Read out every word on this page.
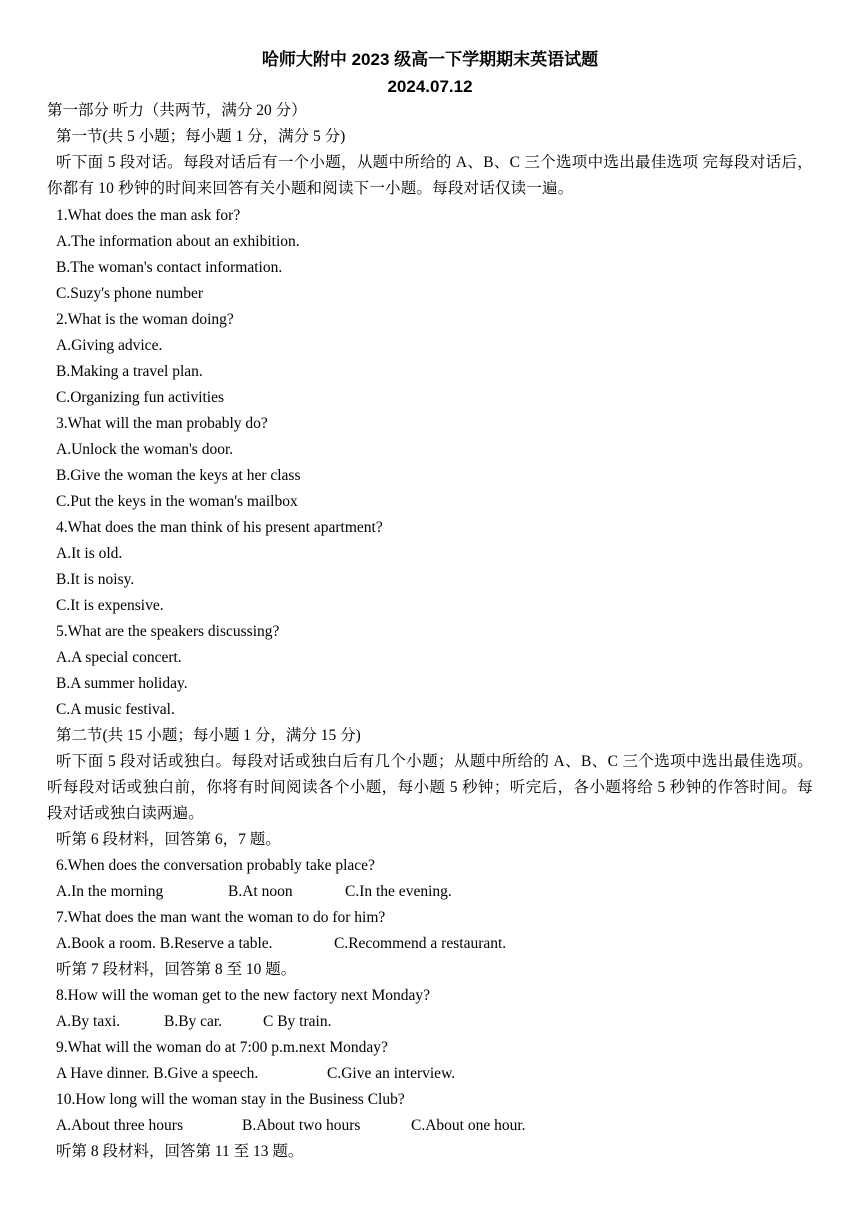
哈师大附中 2023 级高一下学期期末英语试题
2024.07.12
第一部分 听力（共两节，满分 20 分）
第一节(共 5 小题；每小题 1 分，满分 5 分)
听下面 5 段对话。每段对话后有一个小题，从题中所给的 A、B、C 三个选项中选出最佳选项 完每段对话后，你都有 10 秒钟的时间来回答有关小题和阅读下一小题。每段对话仅读一遍。
1.What does the man ask for?
A.The information about an exhibition.
B.The woman's contact information.
C.Suzy's phone number
2.What is the woman doing?
A.Giving advice.
B.Making a travel plan.
C.Organizing fun activities
3.What will the man probably do?
A.Unlock the woman's door.
B.Give the woman the keys at her class
C.Put the keys in the woman's mailbox
4.What does the man think of his present apartment?
A.It is old.
B.It is noisy.
C.It is expensive.
5.What are the speakers discussing?
A.A special concert.
B.A summer holiday.
C.A music festival.
第二节(共 15 小题；每小题 1 分，满分 15 分)
听下面 5 段对话或独白。每段对话或独白后有几个小题；从题中所给的 A、B、C 三个选项中选出最佳选项。听每段对话或独白前，你将有时间阅读各个小题，每小题 5 秒钟；听完后，各小题将给 5 秒钟的作答时间。每段对话或独白读两遍。
听第 6 段材料，回答第 6，7 题。
6.When does the conversation probably take place?
A.In the morning	B.At noon	C.In the evening.
7.What does the man want the woman to do for him?
A.Book a room. B.Reserve a table.	C.Recommend a restaurant.
听第 7 段材料，回答第 8 至 10 题。
8.How will the woman get to the new factory next Monday?
A.By taxi.	B.By car.	C By train.
9.What will the woman do at 7:00 p.m.next Monday?
A Have dinner. B.Give a speech.	C.Give an interview.
10.How long will the woman stay in the Business Club?
A.About three hours	B.About two hours	C.About one hour.
听第 8 段材料，回答第 11 至 13 题。
